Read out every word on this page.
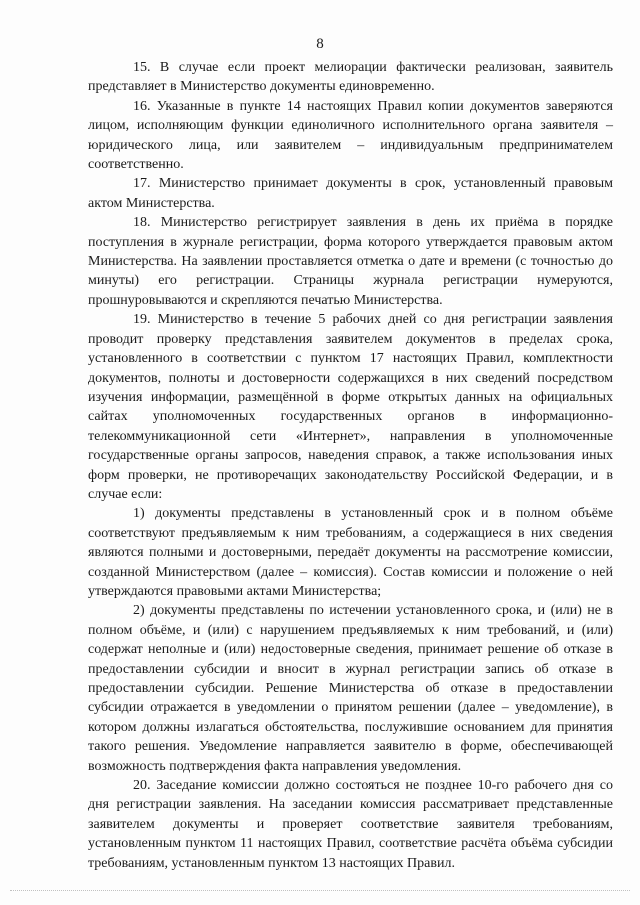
8

15. В случае если проект мелиорации фактически реализован, заявитель представляет в Министерство документы единовременно.

16. Указанные в пункте 14 настоящих Правил копии документов заверяются лицом, исполняющим функции единоличного исполнительного органа заявителя – юридического лица, или заявителем – индивидуальным предпринимателем соответственно.

17. Министерство принимает документы в срок, установленный правовым актом Министерства.

18. Министерство регистрирует заявления в день их приёма в порядке поступления в журнале регистрации, форма которого утверждается правовым актом Министерства. На заявлении проставляется отметка о дате и времени (с точностью до минуты) его регистрации. Страницы журнала регистрации нумеруются, прошнуровываются и скрепляются печатью Министерства.

19. Министерство в течение 5 рабочих дней со дня регистрации заявления проводит проверку представления заявителем документов в пределах срока, установленного в соответствии с пунктом 17 настоящих Правил, комплектности документов, полноты и достоверности содержащихся в них сведений посредством изучения информации, размещённой в форме открытых данных на официальных сайтах уполномоченных государственных органов в информационно-телекоммуникационной сети «Интернет», направления в уполномоченные государственные органы запросов, наведения справок, а также использования иных форм проверки, не противоречащих законодательству Российской Федерации, и в случае если:

1) документы представлены в установленный срок и в полном объёме соответствуют предъявляемым к ним требованиям, а содержащиеся в них сведения являются полными и достоверными, передаёт документы на рассмотрение комиссии, созданной Министерством (далее – комиссия). Состав комиссии и положение о ней утверждаются правовыми актами Министерства;

2) документы представлены по истечении установленного срока, и (или) не в полном объёме, и (или) с нарушением предъявляемых к ним требований, и (или) содержат неполные и (или) недостоверные сведения, принимает решение об отказе в предоставлении субсидии и вносит в журнал регистрации запись об отказе в предоставлении субсидии. Решение Министерства об отказе в предоставлении субсидии отражается в уведомлении о принятом решении (далее – уведомление), в котором должны излагаться обстоятельства, послужившие основанием для принятия такого решения. Уведомление направляется заявителю в форме, обеспечивающей возможность подтверждения факта направления уведомления.

20. Заседание комиссии должно состояться не позднее 10-го рабочего дня со дня регистрации заявления. На заседании комиссия рассматривает представленные заявителем документы и проверяет соответствие заявителя требованиям, установленным пунктом 11 настоящих Правил, соответствие расчёта объёма субсидии требованиям, установленным пунктом 13 настоящих Правил.
